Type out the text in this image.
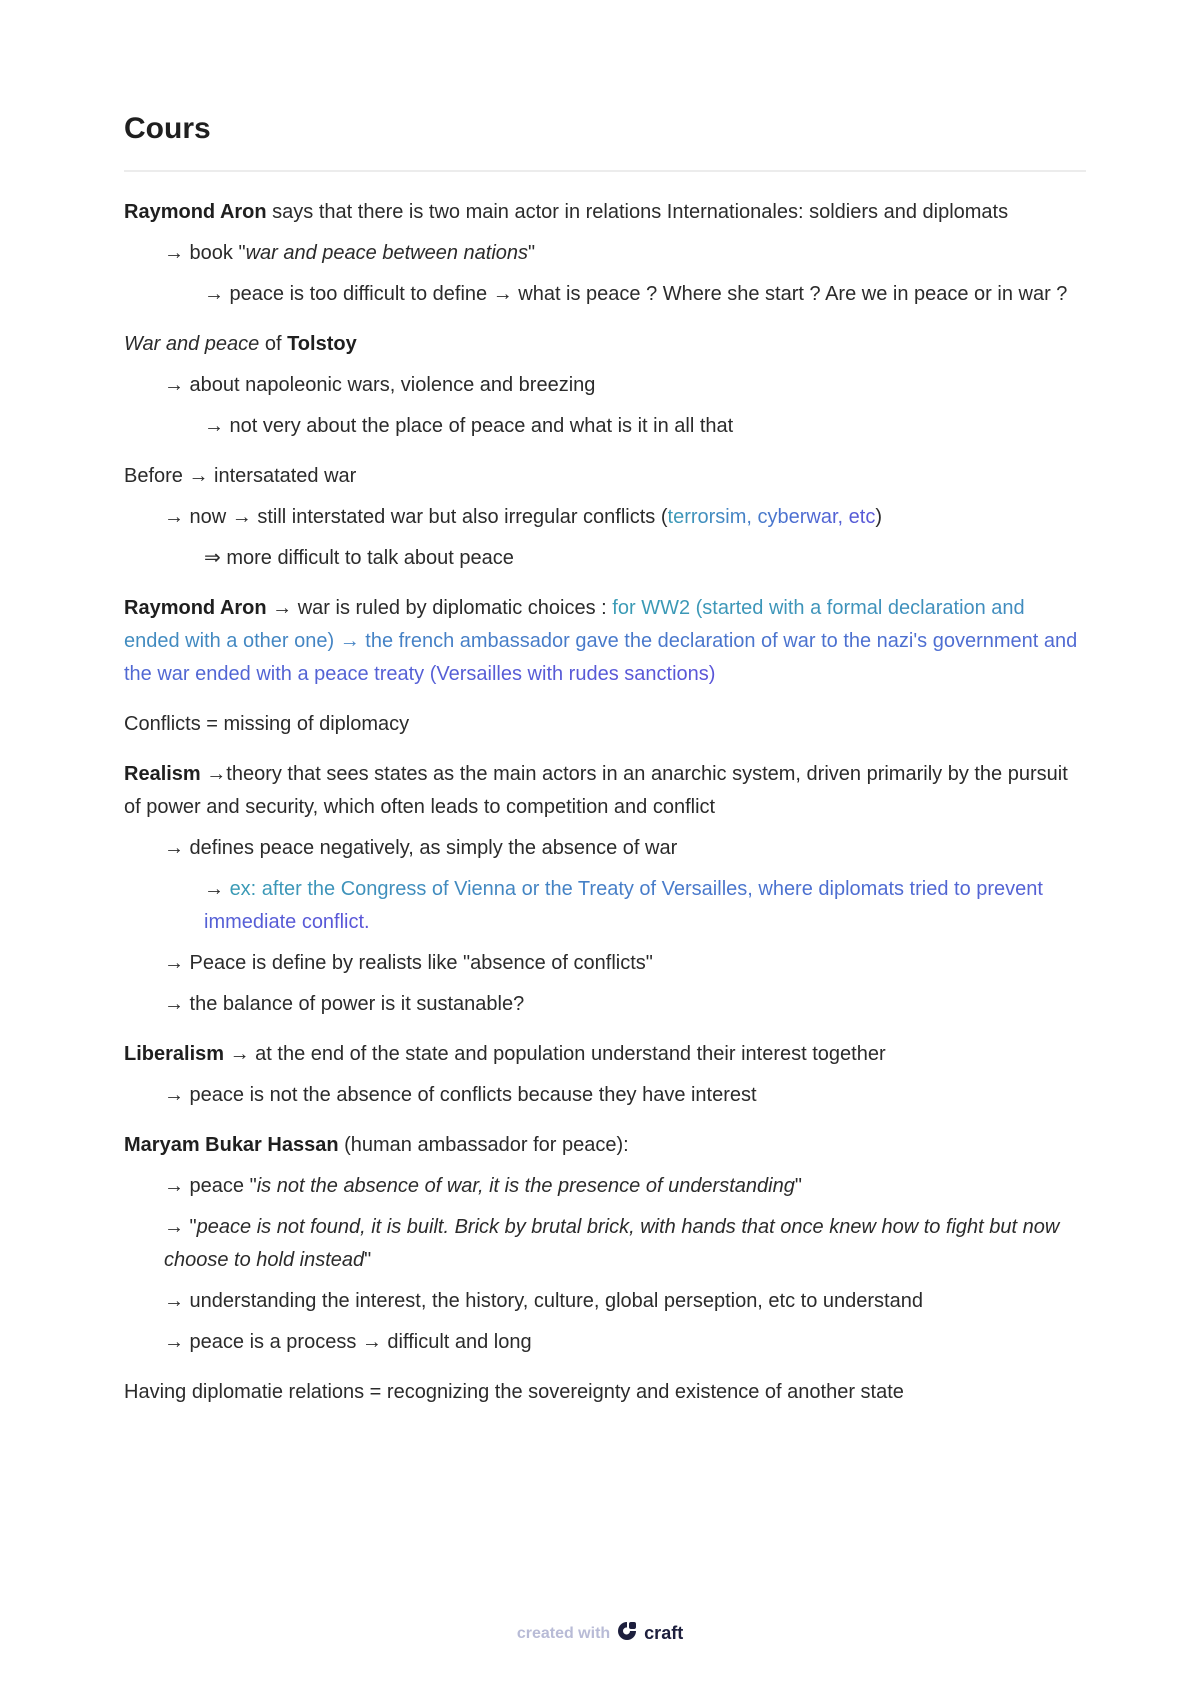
Cours

Raymond Aron says that there is two main actor in relations Internationales: soldiers and diplomats

→ book "war and peace between nations"

→ peace is too difficult to define → what is peace ? Where she start ? Are we in peace or in war ?

War and peace of Tolstoy

→ about napoleonic wars, violence and breezing

→ not very about the place of peace and what is it in all that

Before → intersatated war

→ now → still interstated war but also irregular conflicts (terrorsim, cyberwar, etc)

⇒ more difficult to talk about peace

Raymond Aron → war is ruled by diplomatic choices : for WW2 (started with a formal declaration and ended with a other one) → the french ambassador gave the declaration of war to the nazi's government and the war ended with a peace treaty (Versailles with rudes sanctions)

Conflicts = missing of diplomacy

Realism →theory that sees states as the main actors in an anarchic system, driven primarily by the pursuit of power and security, which often leads to competition and conflict

→ defines peace negatively, as simply the absence of war

→ ex: after the Congress of Vienna or the Treaty of Versailles, where diplomats tried to prevent immediate conflict.

→ Peace is define by realists like "absence of conflicts"

→ the balance of power is it sustanable?

Liberalism → at the end of the state and population understand their interest together

→ peace is not the absence of conflicts because they have interest

Maryam Bukar Hassan (human ambassador for peace):

→ peace "is not the absence of war, it is the presence of understanding"

→ "peace is not found, it is built. Brick by brutal brick, with hands that once knew how to fight but now choose to hold instead"

→ understanding the interest, the history, culture, global perseption, etc to understand

→ peace is a process → difficult and long

Having diplomatie relations = recognizing the sovereignty and existence of another state

created with craft
